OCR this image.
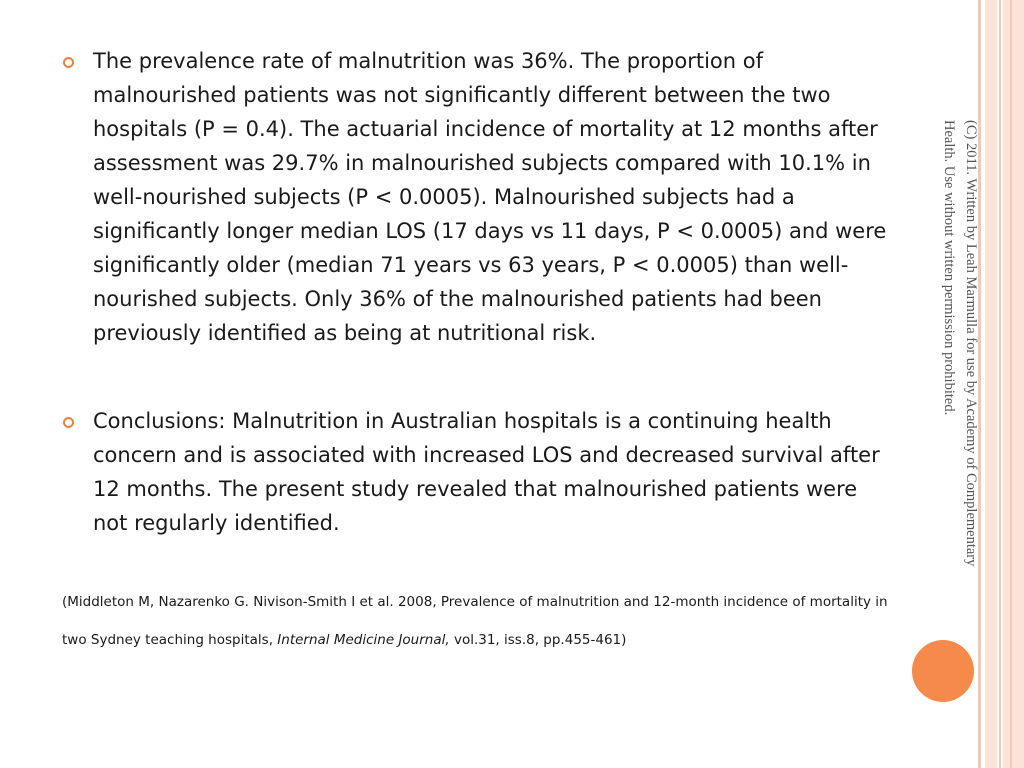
The prevalence rate of malnutrition was 36%. The proportion of
malnourished patients was not significantly different between the two
hospitals (P = 0.4). The actuarial incidence of mortality at 12 months after
assessment was 29.7% in malnourished subjects compared with 10.1% in
well-nourished subjects (P < 0.0005). Malnourished subjects had a
significantly longer median LOS (17 days vs 11 days, P < 0.0005) and were
significantly older (median 71 years vs 63 years, P < 0.0005) than well-
nourished subjects. Only 36% of the malnourished patients had been
previously identified as being at nutritional risk.
Conclusions: Malnutrition in Australian hospitals is a continuing health
concern and is associated with increased LOS and decreased survival after
12 months. The present study revealed that malnourished patients were
not regularly identified.
(Middleton M, Nazarenko G. Nivison-Smith I et al. 2008, Prevalence of malnutrition and 12-month incidence of mortality in
two Sydney teaching hospitals, Internal Medicine Journal, vol.31, iss.8, pp.455-461)
(C) 2011. Written by Leah Marmulla for use by Academy of Complementary
Health. Use without written permission prohibited.
